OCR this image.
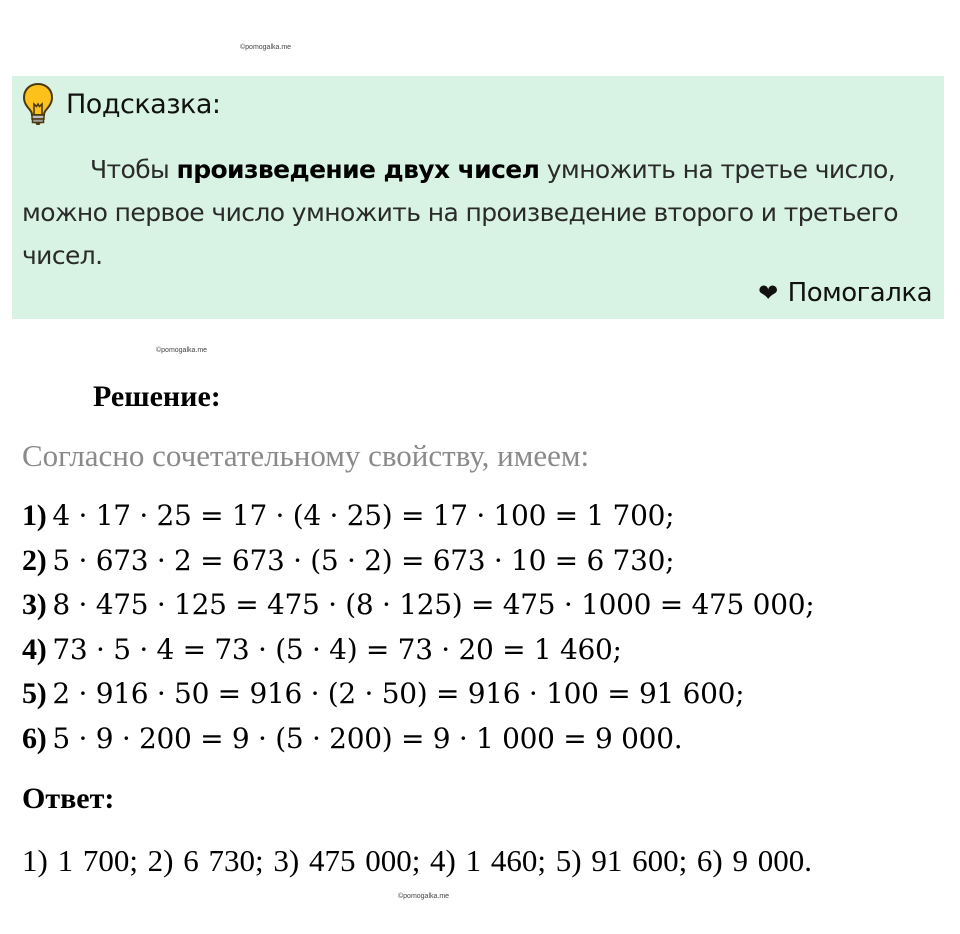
©pomogalka.me
Подсказка:

Чтобы произведение двух чисел умножить на третье число, можно первое число умножить на произведение второго и третьего чисел.

❤ Помогалка
©pomogalka.me
Решение:
Согласно сочетательному свойству, имеем:
1) 4 · 17 · 25 = 17 · (4 · 25) = 17 · 100 = 1 700;
2) 5 · 673 · 2 = 673 · (5 · 2) = 673 · 10 = 6 730;
3) 8 · 475 · 125 = 475 · (8 · 125) = 475 · 1000 = 475 000;
4) 73 · 5 · 4 = 73 · (5 · 4) = 73 · 20 = 1 460;
5) 2 · 916 · 50 = 916 · (2 · 50) = 916 · 100 = 91 600;
6) 5 · 9 · 200 = 9 · (5 · 200) = 9 · 1 000 = 9 000.
Ответ:

1) 1 700; 2) 6 730; 3) 475 000; 4) 1 460; 5) 91 600; 6) 9 000.

©pomogalka.me
